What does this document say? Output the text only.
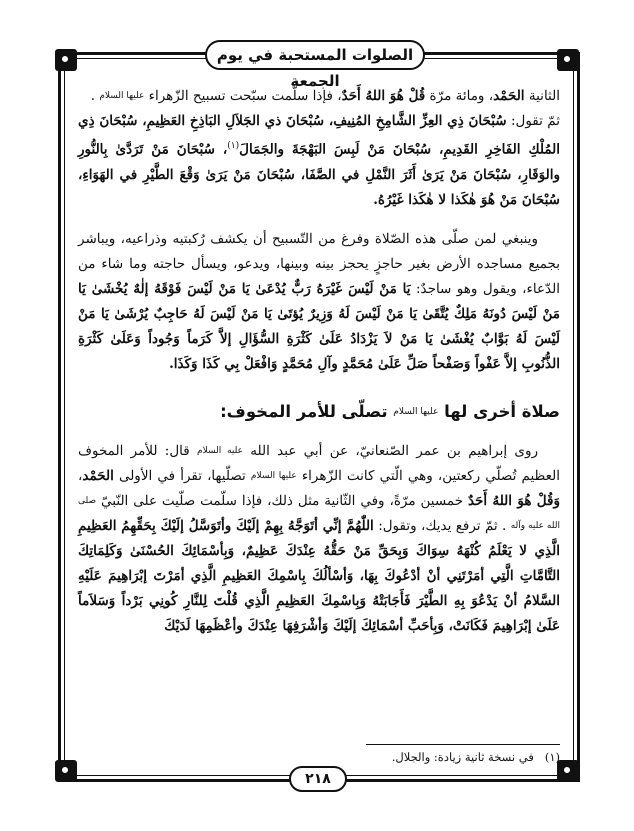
الصلوات المستحبة في يوم الجمعة

الثانية الحَمْد، ومائة مرّة قُلْ هُوَ اللهُ أَحَدٌ، فإذا سلّمت سبّحت تسبيح الزّهراء عليها السلام .
ثمّ تقول: سُبْحَانَ ذِي العِزِّ الشَّامِخِ المُنِيفِ، سُبْحَانَ ذي الجَلاَلِ البَاذِخِ العَظِيمِ، سُبْحَانَ ذِي المُلْكِ الفَاخِرِ القَدِيمِ، سُبْحَانَ مَنْ لَبِسَ البَهْجَةَ والجَمَالَ$^{(١)}$، سُبْحَانَ مَنْ تَرَدَّىٰ بِالنُّورِ والوَقَارِ، سُبْحَانَ مَنْ يَرَىٰ أَثَرَ النَّمْلِ في الصَّفَا، سُبْحَانَ مَنْ يَرَىٰ وَقْعَ الطَّيْرِ في الهَوَاءِ، سُبْحَانَ مَنْ هُوَ هٰكَذا لا هٰكَذا غَيْرُهُ.

وينبغي لمن صلّى هذه الصّلاة وفرغ من التّسبيح أن يكشف رُكبتيه وذراعيه، ويباشر بجميع مساجده الأرض بغير حاجزٍ يحجز بينه وبينها، ويدعو، ويسأل حاجته وما شاء من الدّعاء، ويقول وهو ساجدٌ: يَا مَنْ لَيْسَ غَيْرَهُ رَبٌّ يُدْعَىٰ يَا مَنْ لَيْسَ فَوْقَهُ إلٰهٌ يُخْشَىٰ يَا مَنْ لَيْسَ دُونَهُ مَلِكٌ يُتَّقَىٰ يَا مَنْ لَيْسَ لَهُ وَزِيرٌ يُؤتَىٰ يَا مَنْ لَيْسَ لَهُ حَاجِبٌ يُرْشَىٰ يَا مَنْ لَيْسَ لَهُ بَوَّابٌ يُغْشَىٰ يَا مَنْ لاَ يَزْدَادُ عَلَىٰ كَثْرَةِ السُّؤَالِ إلاَّ كَرَماً وَجُوداً وَعَلَىٰ كَثْرَةِ الذُّنُوبِ إلاَّ عَفْواً وَصَفْحاً صَلِّ عَلَىٰ مُحَمَّدٍ وآلِ مُحَمَّدٍ وَافْعَلْ بِي كَذَا وَكَذَا.

صلاة أخرى لها عليها السلام تصلّى للأمر المخوف:

روى إبراهيم بن عمر الصّنعانيّ، عن أبي عبد الله عليه السلام قال: للأمر المخوف العظيم تُصلّي ركعتين، وهي الّتي كانت الزّهراء عليها السلام تصلّيها، تقرأ في الأولى الحَمْد، وَقُلْ هُوَ اللهُ أَحَدٌ خمسين مرّةً، وفي الثّانية مثل ذلك، فإذا سلّمت صلّيت على النّبيّ صلى الله عليه وآله . ثمّ ترفع يديك، وتقول: اللّٰهُمَّ إنِّي أتَوَجَّهُ بِهِمْ إلَيْكَ وأتَوَسَّلُ إلَيْكَ بِحَقِّهِمُ العَظِيمِ الَّذِي لا يَعْلَمُ كُنْهَهُ سِوَاكَ وَبِحَقِّ مَنْ حَقُّهُ عِنْدَكَ عَظِيمٌ، وَبِأسْمَائِكَ الحُسْنَىٰ وَكَلِمَاتِكَ التَّامَّاتِ الَّتِي أمَرْتَنِي أنْ أدْعُوكَ بِهَا، وَأسْألُكَ بِاسْمِكَ العَظِيمِ الَّذِي أمَرْتَ إبْرَاهِيمَ عَلَيْهِ السَّلامُ أنْ يَدْعُوَ بِهِ الطَّيْرَ فَأَجَابَتْهُ وَبِاسْمِكَ العَظِيمِ الَّذِي قُلْتَ لِلنَّارِ كُونِي بَرْداً وَسَلاَماً عَلَىٰ إبْرَاهِيمَ فَكَانَتْ، وَبِأحَبِّ أسْمَائِكَ إلَيْكَ وَأشْرَفِهَا عِنْدَكَ وأعْظَمِهَا لَدَيْكَ

(١)   في نسخة ثانية زيادة: والجلال.
٢١٨
